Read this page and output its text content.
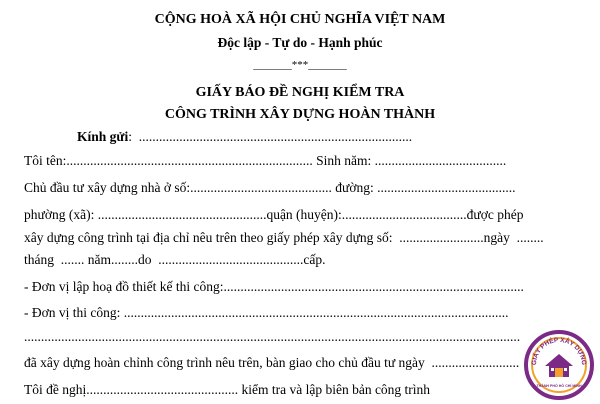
CỘNG HOÀ XÃ HỘI CHỦ NGHĨA VIỆT NAM
Độc lập - Tự do - Hạnh phúc
_______***_______
GIẤY BÁO ĐỀ NGHỊ KIỂM TRA
CÔNG TRÌNH XÂY DỰNG HOÀN THÀNH
Kính gửi:  .................................................................................
Tôi tên:......................................................................... Sinh năm: .......................................
Chủ đầu tư xây dựng nhà ở số:.......................................... đường: .........................................
phường (xã): ..................................................quận (huyện):.....................................được phép
xây dựng công trình tại địa chỉ nêu trên theo giấy phép xây dựng số:  .........................ngày  ........
tháng  ....... năm........do  ...........................................cấp.
- Đơn vị lập hoạ đồ thiết kế thi công:.........................................................................................
- Đơn vị thi công: ..................................................................................................................
...................................................................................................................................................
đã xây dựng hoàn chỉnh công trình nêu trên, bàn giao cho chủ đầu tư ngày  ..........................
Tôi đề nghị............................................. kiểm tra và lập biên bản công trình
GIẤY PHÉP XÂY DỰNG
THÀNH PHỐ HỒ CHÍ MINH
